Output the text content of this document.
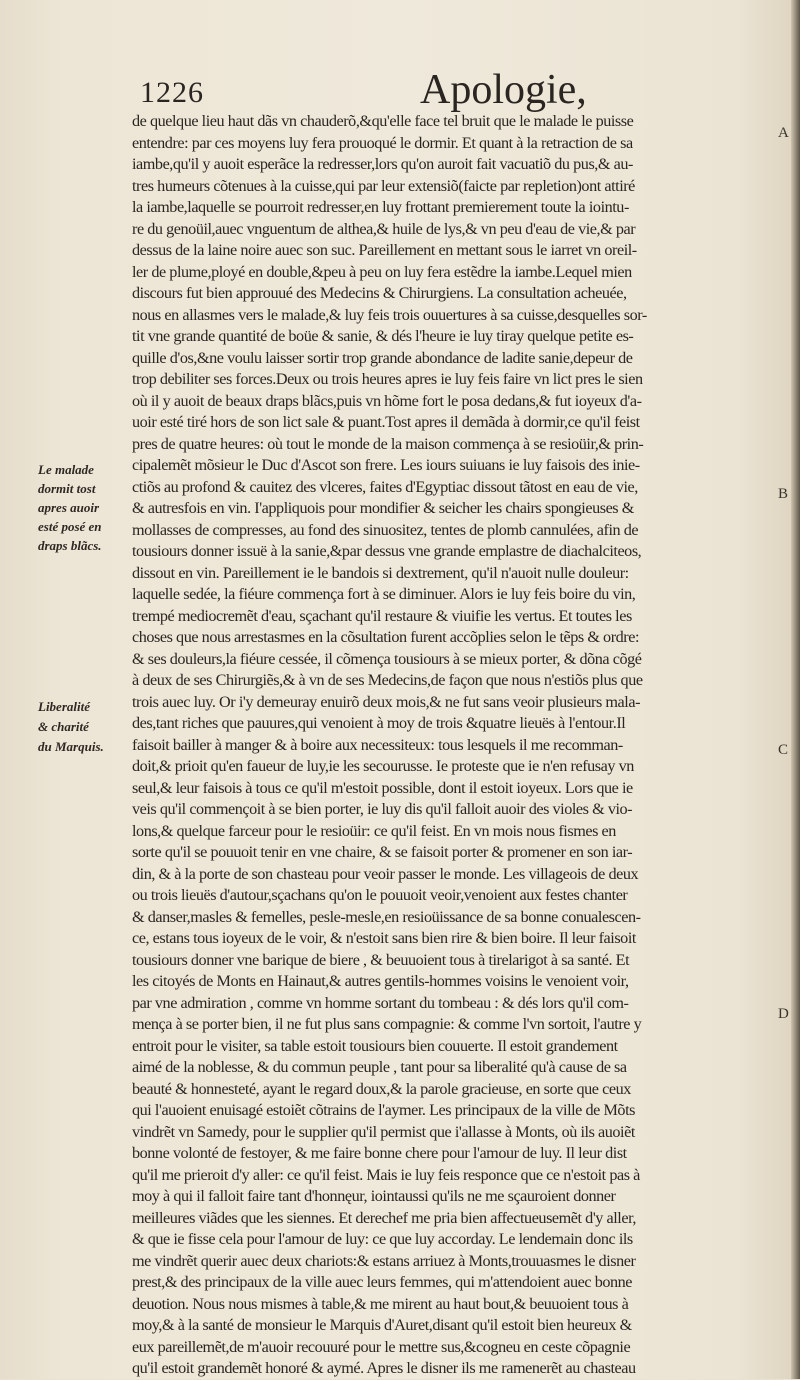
1226	Apologie,
Le malade
dormit tost
apres auoir
esté posé en
draps blãcs.
Liberalité
& charité
du Marquis.
A
B
C
D
de quelque lieu haut dãs vn chauderõ,&qu'elle face tel bruit que le malade le puisse
entendre: par ces moyens luy fera prouoqué le dormir. Et quant à la retraction de sa
iambe,qu'il y auoit esperãce la redresser,lors qu'on auroit fait vacuatiõ du pus,& au-
tres humeurs cõtenues à la cuisse,qui par leur extensiõ(faicte par repletion)ont attiré
la iambe,laquelle se pourroit redresser,en luy frottant premierement toute la iointu-
re du genoüil,auec vnguentum de althea,& huile de lys,& vn peu d'eau de vie,& par
dessus de la laine noire auec son suc. Pareillement en mettant sous le iarret vn oreil-
ler de plume,ployé en double,&peu à peu on luy fera estẽdre la iambe.Lequel mien
discours fut bien approuué des Medecins & Chirurgiens. La consultation acheuée,
nous en allasmes vers le malade,& luy feis trois ouuertures à sa cuisse,desquelles sor-
tit vne grande quantité de boüe & sanie, & dés l'heure ie luy tiray quelque petite es-
quille d'os,&ne voulu laisser sortir trop grande abondance de ladite sanie,depeur de
trop debiliter ses forces.Deux ou trois heures apres ie luy feis faire vn lict pres le sien
où il y auoit de beaux draps blãcs,puis vn hõme fort le posa dedans,& fut ioyeux d'a-
uoir esté tiré hors de son lict sale & puant.Tost apres il demãda à dormir,ce qu'il feist
pres de quatre heures: où tout le monde de la maison commença à se resioüir,& prin-
cipalemẽt mõsieur le Duc d'Ascot son frere. Les iours suiuans ie luy faisois des inie-
ctiõs au profond & cauitez des vlceres, faites d'Egyptiac dissout tãtost en eau de vie,
& autresfois en vin. I'appliquois pour mondifier & seicher les chairs spongieuses &
mollasses de compresses, au fond des sinuositez, tentes de plomb cannulées, afin de
tousiours donner issuë à la sanie,&par dessus vne grande emplastre de diachalciteos,
dissout en vin. Pareillement ie le bandois si dextrement, qu'il n'auoit nulle douleur:
laquelle sedée, la fiéure commença fort à se diminuer. Alors ie luy feis boire du vin,
trempé mediocremẽt d'eau, sçachant qu'il restaure & viuifie les vertus. Et toutes les
choses que nous arrestasmes en la cõsultation furent accõplies selon le tẽps & ordre:
& ses douleurs,la fiéure cessée, il cõmença tousiours à se mieux porter, & dõna cõgé
à deux de ses Chirurgiẽs,& à vn de ses Medecins,de façon que nous n'estiõs plus que
trois auec luy. Or i'y demeuray enuirõ deux mois,& ne fut sans veoir plusieurs mala-
des,tant riches que pauures,qui venoient à moy de trois &quatre lieuës à l'entour.Il
faisoit bailler à manger & à boire aux necessiteux: tous lesquels il me recomman-
doit,& prioit qu'en faueur de luy,ie les secourusse. Ie proteste que ie n'en refusay vn
seul,& leur faisois à tous ce qu'il m'estoit possible, dont il estoit ioyeux. Lors que ie
veis qu'il commençoit à se bien porter, ie luy dis qu'il falloit auoir des violes & vio-
lons,& quelque farceur pour le resioüir: ce qu'il feist. En vn mois nous fismes en
sorte qu'il se pouuoit tenir en vne chaire, & se faisoit porter & promener en son iar-
din, & à la porte de son chasteau pour veoir passer le monde. Les villageois de deux
ou trois lieuës d'autour,sçachans qu'on le pouuoit veoir,venoient aux festes chanter
& danser,masles & femelles, pesle-mesle,en resioüissance de sa bonne conualescen-
ce, estans tous ioyeux de le voir, & n'estoit sans bien rire & bien boire. Il leur faisoit
tousiours donner vne barique de biere , & beuuoient tous à tirelarigot à sa santé. Et
les citoyés de Monts en Hainaut,& autres gentils-hommes voisins le venoient voir,
par vne admiration , comme vn homme sortant du tombeau : & dés lors qu'il com-
mença à se porter bien, il ne fut plus sans compagnie: & comme l'vn sortoit, l'autre y
entroit pour le visiter, sa table estoit tousiours bien couuerte. Il estoit grandement
aimé de la noblesse, & du commun peuple , tant pour sa liberalité qu'à cause de sa
beauté & honnesteté, ayant le regard doux,& la parole gracieuse, en sorte que ceux
qui l'auoient enuisagé estoiẽt cõtrains de l'aymer. Les principaux de la ville de Mõts
vindrẽt vn Samedy, pour le supplier qu'il permist que i'allasse à Monts, où ils auoiẽt
bonne volonté de festoyer, & me faire bonne chere pour l'amour de luy. Il leur dist
qu'il me prieroit d'y aller: ce qu'il feist. Mais ie luy feis responce que ce n'estoit pas à
moy à qui il falloit faire tant d'honnęur, iointaussi qu'ils ne me sçauroient donner
meilleures viãdes que les siennes. Et derechef me pria bien affectueusemẽt d'y aller,
& que ie fisse cela pour l'amour de luy: ce que luy accorday. Le lendemain donc ils
me vindrẽt querir auec deux chariots:& estans arriuez à Monts,trouuasmes le disner
prest,& des principaux de la ville auec leurs femmes, qui m'attendoient auec bonne
deuotion. Nous nous mismes à table,& me mirent au haut bout,& beuuoient tous à
moy,& à la santé de monsieur le Marquis d'Auret,disant qu'il estoit bien heureux &
eux pareillemẽt,de m'auoir recouuré pour le mettre sus,&cogneu en ceste cõpagnie
qu'il estoit grandemẽt honoré & aymé. Apres le disner ils me ramenerẽt au chasteau
